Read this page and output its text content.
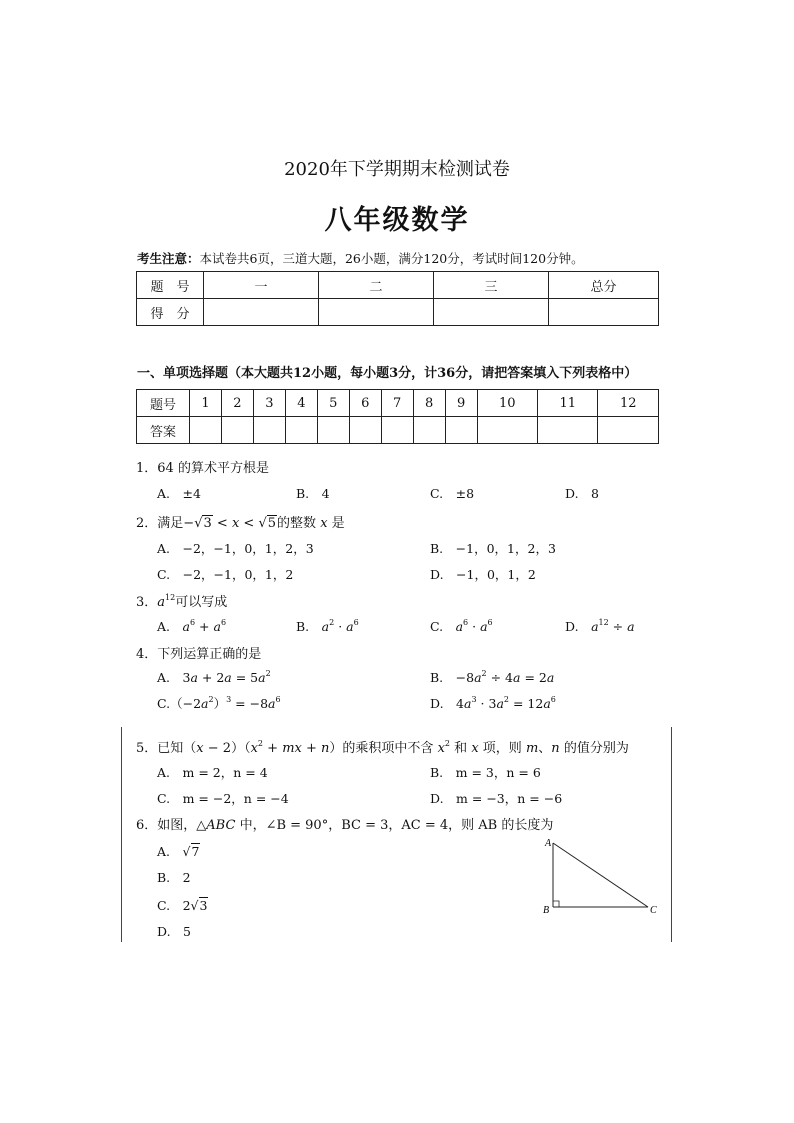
2020年下学期期末检测试卷
八年级数学
考生注意：本试卷共6页，三道大题，26小题，满分120分，考试时间120分钟。
题　号	一	二	三	总分
得　分				
一、单项选择题（本大题共12小题，每小题3分，计36分，请把答案填入下列表格中）
题号	1	2	3	4	5	6	7	8	9	10	11	12
答案												
1．64 的算术平方根是
A.　±4	B.　4	C.　±8	D.　8
2．满足−√3 < x < √5的整数 x 是
A.　−2，−1，0，1，2，3	B.　−1，0，1，2，3
C.　−2，−1，0，1，2	D.　−1，0，1，2
3．$a^{12}$可以写成
A.　$a^6 + a^6$	B.　$a^2 \cdot a^6$	C.　$a^6 \cdot a^6$	D.　$a^{12} \div a$
4．下列运算正确的是
A.　$3a + 2a = 5a^2$	B.　$-8a^2 \div 4a = 2a$
$C.(-2a^2)^3 = -8a^6$	D.　$4a^3 \cdot 3a^2 = 12a^6$
5．已知$(x - 2)(x^2$ + mx + n）的乘积项中不含 $x^2$ 和 x 项，则 m、n 的值分别为
A.　m = 2，n = 4	B.　m = 3，n = 6
C.　m = −2，n = −4	D.　m = −3，n = −6
6．如图，△ABC 中，∠B = 90°，BC = 3，AC = 4，则 AB 的长度为
A.　 √7
B.　2
C.　2√3
D.　5
A
B	C
